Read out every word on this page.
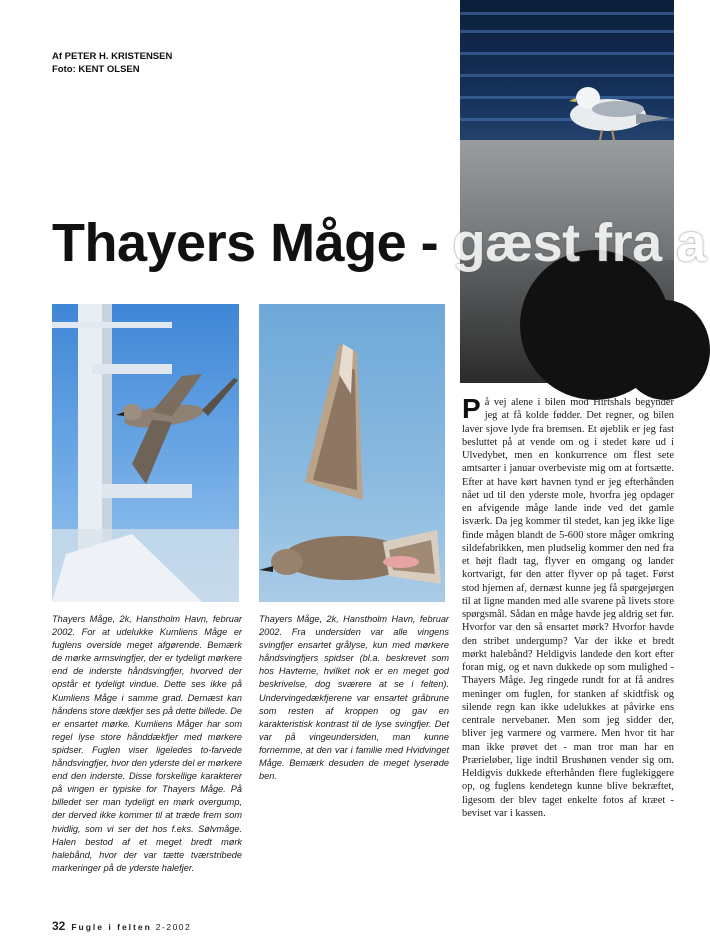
Af PETER H. KRISTENSEN
Foto: KENT OLSEN
Thayers Måge - gæst fra a
Thayers Måge, 2k, Hanstholm Havn, februar 2002. For at udelukke Kumliens Måge er fuglens overside meget afgørende. Bemærk de mørke armsvingfjer, der er tydeligt mørkere end de inderste håndsvingfjer, hvorved der opstår et tydeligt vindue. Dette ses ikke på Kumliens Måge i samme grad. Dernæst kan håndens store dækfjer ses på dette billede. De er ensartet mørke. Kumliens Måger har som regel lyse store hånddækfjer med mørkere spidser. Fuglen viser ligeledes to-farvede håndsvingfjer, hvor den yderste del er mørkere end den inderste. Disse forskellige karakterer på vingen er typiske for Thayers Måge. På billedet ser man tydeligt en mørk overgump, der derved ikke kommer til at træde frem som hvidlig, som vi ser det hos f.eks. Sølvmåge. Halen bestod af et meget bredt mørk halebånd, hvor der var tætte tværstribede markeringer på de yderste halefjer.
Thayers Måge, 2k, Hanstholm Havn, februar 2002. Fra undersiden var alle vingens svingfjer ensartet grålyse, kun med mørkere håndsvingfjers spidser (bl.a. beskrevet som hos Havterne, hvilket nok er en meget god beskrivelse, dog sværere at se i felten). Undervingedækfjerene var ensartet gråbrune som resten af kroppen og gav en karakteristisk kontrast til de lyse svingfjer. Det var på vingeundersiden, man kunne fornemme, at den var i familie med Hvidvinget Måge. Bemærk desuden de meget lyserøde ben.
På vej alene i bilen mod Hirtshals begynder jeg at få kolde fødder. Det regner, og bilen laver sjove lyde fra bremsen. Et øjeblik er jeg fast besluttet på at vende om og i stedet køre ud i Ulvedybet, men en konkurrence om flest sete amtsarter i januar overbeviste mig om at fortsætte. Efter at have kørt havnen tynd er jeg efterhånden nået ud til den yderste mole, hvorfra jeg opdager en afvigende måge lande inde ved det gamle isværk. Da jeg kommer til stedet, kan jeg ikke lige finde mågen blandt de 5-600 store måger omkring sildefabrikken, men pludselig kommer den ned fra et højt fladt tag, flyver en omgang og lander kortvarigt, før den atter flyver op på taget. Først stod hjernen af, dernæst kunne jeg få spørgejørgen til at ligne manden med alle svarene på livets store spørgsmål. Sådan en måge havde jeg aldrig set før. Hvorfor var den så ensartet mørk? Hvorfor havde den stribet undergump? Var der ikke et bredt mørkt halebånd? Heldigvis landede den kort efter foran mig, og et navn dukkede op som mulighed - Thayers Måge. Jeg ringede rundt for at få andres meninger om fuglen, for stanken af skidtfisk og silende regn kan ikke udelukkes at påvirke ens centrale nervebaner. Men som jeg sidder der, bliver jeg varmere og varmere. Men hvor tit har man ikke prøvet det - man tror man har en Prærieløber, lige indtil Brushønen vender sig om. Heldigvis dukkede efterhånden flere fuglekiggere op, og fuglens kendetegn kunne blive bekræftet, ligesom der blev taget enkelte fotos af kræet - beviset var i kassen.
32 Fugle i felten 2-2002
